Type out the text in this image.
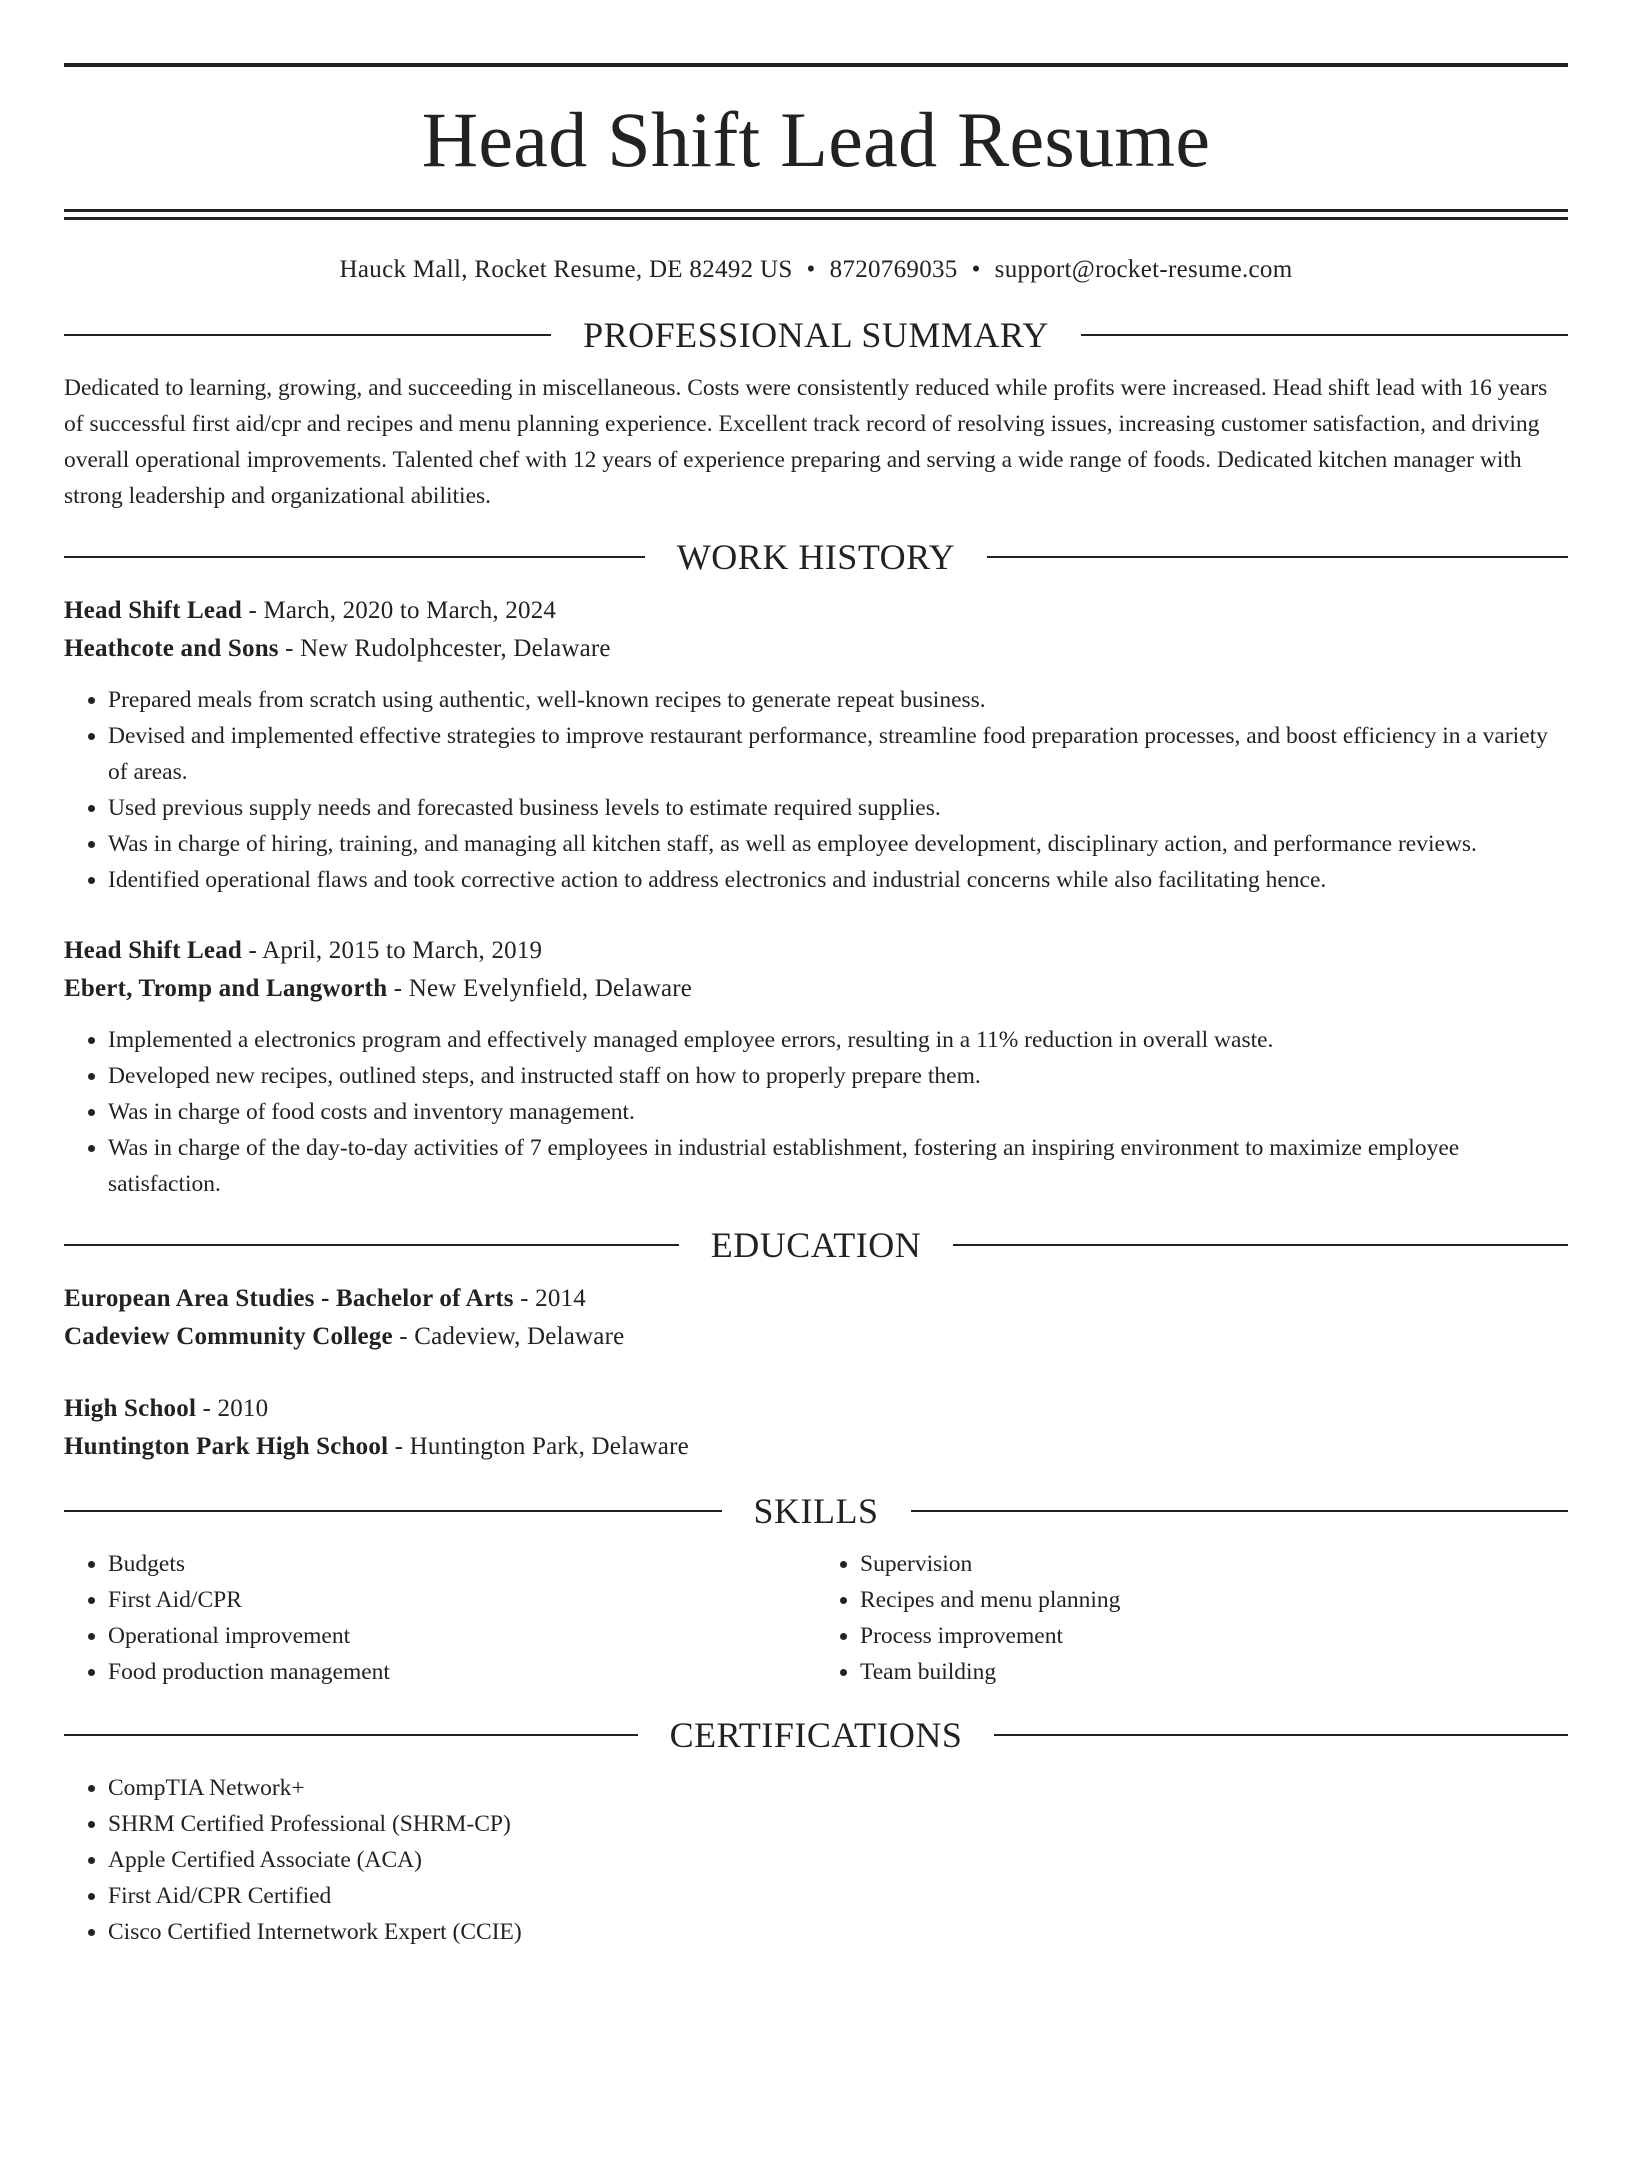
Head Shift Lead Resume
Hauck Mall, Rocket Resume, DE 82492 US • 8720769035 • support@rocket-resume.com
PROFESSIONAL SUMMARY

Dedicated to learning, growing, and succeeding in miscellaneous. Costs were consistently reduced while profits were increased. Head shift lead with 16 years of successful first aid/cpr and recipes and menu planning experience. Excellent track record of resolving issues, increasing customer satisfaction, and driving overall operational improvements. Talented chef with 12 years of experience preparing and serving a wide range of foods. Dedicated kitchen manager with strong leadership and organizational abilities.

WORK HISTORY
Head Shift Lead - March, 2020 to March, 2024
Heathcote and Sons - New Rudolphcester, Delaware
• Prepared meals from scratch using authentic, well-known recipes to generate repeat business.
• Devised and implemented effective strategies to improve restaurant performance, streamline food preparation processes, and boost efficiency in a variety of areas.
• Used previous supply needs and forecasted business levels to estimate required supplies.
• Was in charge of hiring, training, and managing all kitchen staff, as well as employee development, disciplinary action, and performance reviews.
• Identified operational flaws and took corrective action to address electronics and industrial concerns while also facilitating hence.
Head Shift Lead - April, 2015 to March, 2019
Ebert, Tromp and Langworth - New Evelynfield, Delaware
• Implemented a electronics program and effectively managed employee errors, resulting in a 11% reduction in overall waste.
• Developed new recipes, outlined steps, and instructed staff on how to properly prepare them.
• Was in charge of food costs and inventory management.
• Was in charge of the day-to-day activities of 7 employees in industrial establishment, fostering an inspiring environment to maximize employee satisfaction.
EDUCATION
European Area Studies - Bachelor of Arts - 2014
Cadeview Community College - Cadeview, Delaware
High School - 2010
Huntington Park High School - Huntington Park, Delaware
SKILLS
• Budgets
• First Aid/CPR
• Operational improvement
• Food production management
• Supervision
• Recipes and menu planning
• Process improvement
• Team building
CERTIFICATIONS
• CompTIA Network+
• SHRM Certified Professional (SHRM-CP)
• Apple Certified Associate (ACA)
• First Aid/CPR Certified
• Cisco Certified Internetwork Expert (CCIE)
